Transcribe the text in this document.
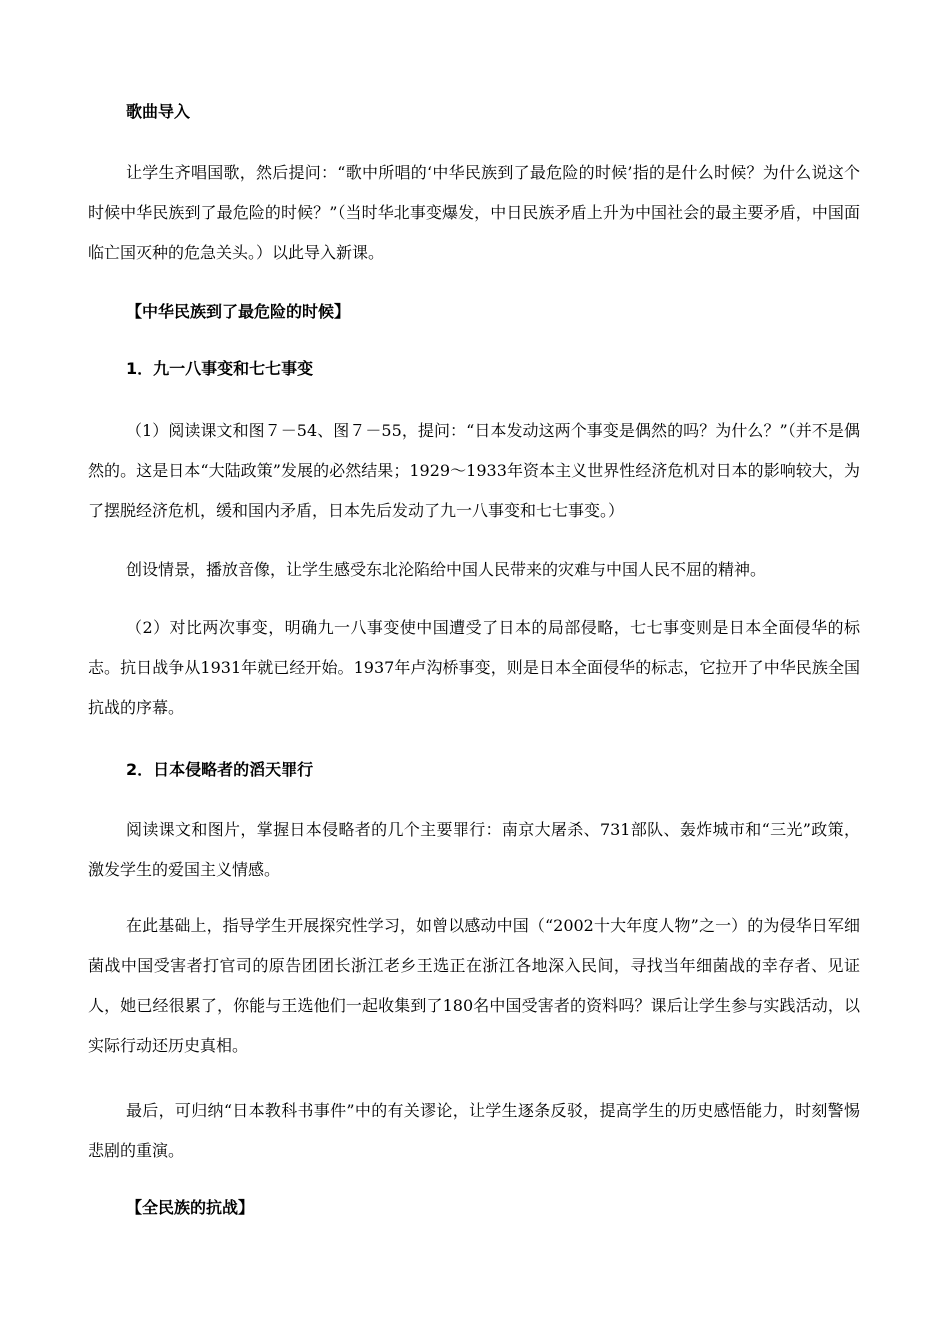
歌曲导入

让学生齐唱国歌，然后提问：“歌中所唱的‘中华民族到了最危险的时候’指的是什么时候？为什么说这个时候中华民族到了最危险的时候？”（当时华北事变爆发，中日民族矛盾上升为中国社会的最主要矛盾，中国面临亡国灭种的危急关头。）以此导入新课。

【中华民族到了最危险的时候】

1．九一八事变和七七事变

（1）阅读课文和图７－54、图７－55，提问：“日本发动这两个事变是偶然的吗？为什么？”（并不是偶然的。这是日本“大陆政策”发展的必然结果；1929～1933年资本主义世界性经济危机对日本的影响较大，为了摆脱经济危机，缓和国内矛盾，日本先后发动了九一八事变和七七事变。）

创设情景，播放音像，让学生感受东北沦陷给中国人民带来的灾难与中国人民不屈的精神。

（2）对比两次事变，明确九一八事变使中国遭受了日本的局部侵略，七七事变则是日本全面侵华的标志。抗日战争从1931年就已经开始。1937年卢沟桥事变，则是日本全面侵华的标志，它拉开了中华民族全国抗战的序幕。

2．日本侵略者的滔天罪行

阅读课文和图片，掌握日本侵略者的几个主要罪行：南京大屠杀、731部队、轰炸城市和“三光”政策，激发学生的爱国主义情感。

在此基础上，指导学生开展探究性学习，如曾以感动中国（“2002十大年度人物”之一）的为侵华日军细菌战中国受害者打官司的原告团团长浙江老乡王选正在浙江各地深入民间，寻找当年细菌战的幸存者、见证人，她已经很累了，你能与王选他们一起收集到了180名中国受害者的资料吗？课后让学生参与实践活动，以实际行动还历史真相。

最后，可归纳“日本教科书事件”中的有关谬论，让学生逐条反驳，提高学生的历史感悟能力，时刻警惕悲剧的重演。

【全民族的抗战】
